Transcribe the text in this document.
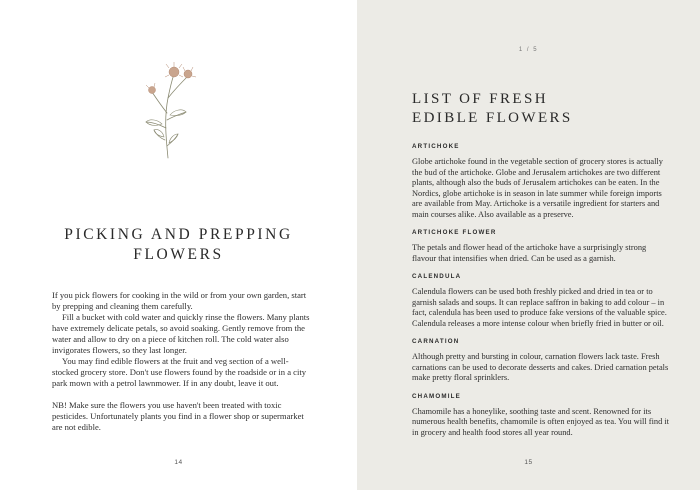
PICKING AND PREPPING
FLOWERS

If you pick flowers for cooking in the wild or from your own garden, start by prepping and cleaning them carefully.

Fill a bucket with cold water and quickly rinse the flowers. Many plants have extremely delicate petals, so avoid soaking. Gently remove from the water and allow to dry on a piece of kitchen roll. The cold water also invigorates flowers, so they last longer.

You may find edible flowers at the fruit and veg section of a well-stocked grocery store. Don't use flowers found by the roadside or in a city park mown with a petrol lawnmower. If in any doubt, leave it out.

NB! Make sure the flowers you use haven't been treated with toxic pesticides. Unfortunately plants you find in a flower shop or supermarket are not edible.

14
1 / 5
LIST OF FRESH
EDIBLE FLOWERS
ARTICHOKE

Globe artichoke found in the vegetable section of grocery stores is actually the bud of the artichoke. Globe and Jerusalem artichokes are two different plants, although also the buds of Jerusalem artichokes can be eaten. In the Nordics, globe artichoke is in season in late summer while foreign imports are available from May. Artichoke is a versatile ingredient for starters and main courses alike. Also available as a preserve.

ARTICHOKE FLOWER

The petals and flower head of the artichoke have a surprisingly strong flavour that intensifies when dried. Can be used as a garnish.

CALENDULA

Calendula flowers can be used both freshly picked and dried in tea or to garnish salads and soups. It can replace saffron in baking to add colour – in fact, calendula has been used to produce fake versions of the valuable spice. Calendula releases a more intense colour when briefly fried in butter or oil.

CARNATION

Although pretty and bursting in colour, carnation flowers lack taste. Fresh carnations can be used to decorate desserts and cakes. Dried carnation petals make pretty floral sprinklers.

CHAMOMILE

Chamomile has a honeylike, soothing taste and scent. Renowned for its numerous health benefits, chamomile is often enjoyed as tea. You will find it in grocery and health food stores all year round.

15
